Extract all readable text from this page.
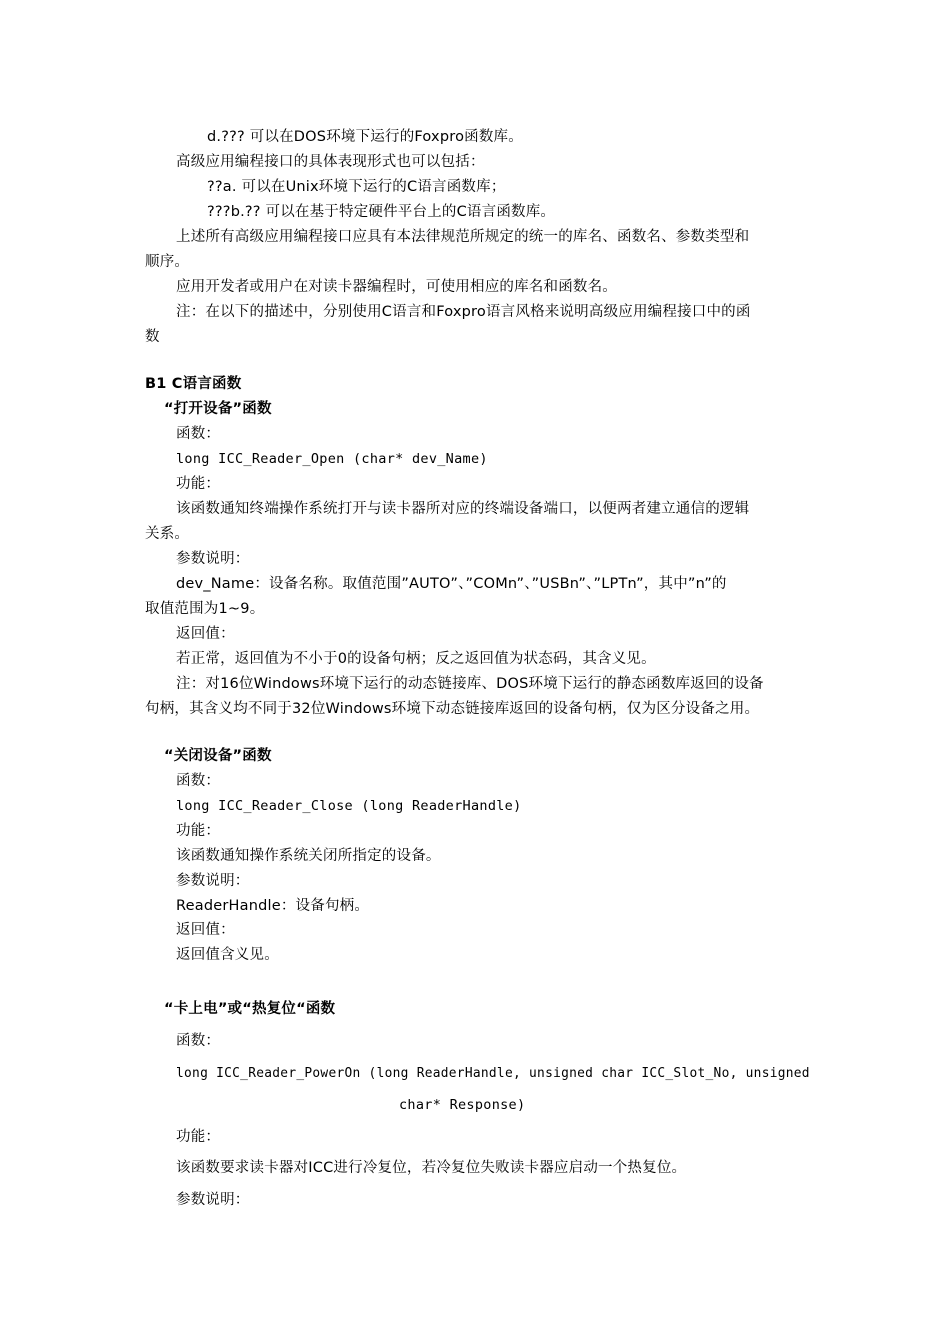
d.??? 可以在DOS环境下运行的Foxpro函数库。
高级应用编程接口的具体表现形式也可以包括：
??a. 可以在Unix环境下运行的C语言函数库；
???b.?? 可以在基于特定硬件平台上的C语言函数库。
上述所有高级应用编程接口应具有本法律规范所规定的统一的库名、函数名、参数类型和
顺序。
应用开发者或用户在对读卡器编程时，可使用相应的库名和函数名。
注：在以下的描述中，分别使用C语言和Foxpro语言风格来说明高级应用编程接口中的函
数
B1 C语言函数
“打开设备”函数
函数：
long ICC_Reader_Open (char* dev_Name)
功能：
该函数通知终端操作系统打开与读卡器所对应的终端设备端口，以便两者建立通信的逻辑
关系。
参数说明：
dev_Name：设备名称。取值范围”AUTO”、”COMn”、”USBn”、”LPTn”，其中”n”的
取值范围为1~9。
返回值：
若正常，返回值为不小于0的设备句柄；反之返回值为状态码，其含义见。
注：对16位Windows环境下运行的动态链接库、DOS环境下运行的静态函数库返回的设备
句柄，其含义均不同于32位Windows环境下动态链接库返回的设备句柄，仅为区分设备之用。
“关闭设备”函数
函数：
long ICC_Reader_Close (long ReaderHandle)
功能：
该函数通知操作系统关闭所指定的设备。
参数说明：
ReaderHandle：设备句柄。
返回值：
返回值含义见。
“卡上电”或“热复位“函数
函数：
long ICC_Reader_PowerOn (long ReaderHandle, unsigned char ICC_Slot_No, unsigned
char* Response)
功能：
该函数要求读卡器对ICC进行冷复位，若冷复位失败读卡器应启动一个热复位。
参数说明：
